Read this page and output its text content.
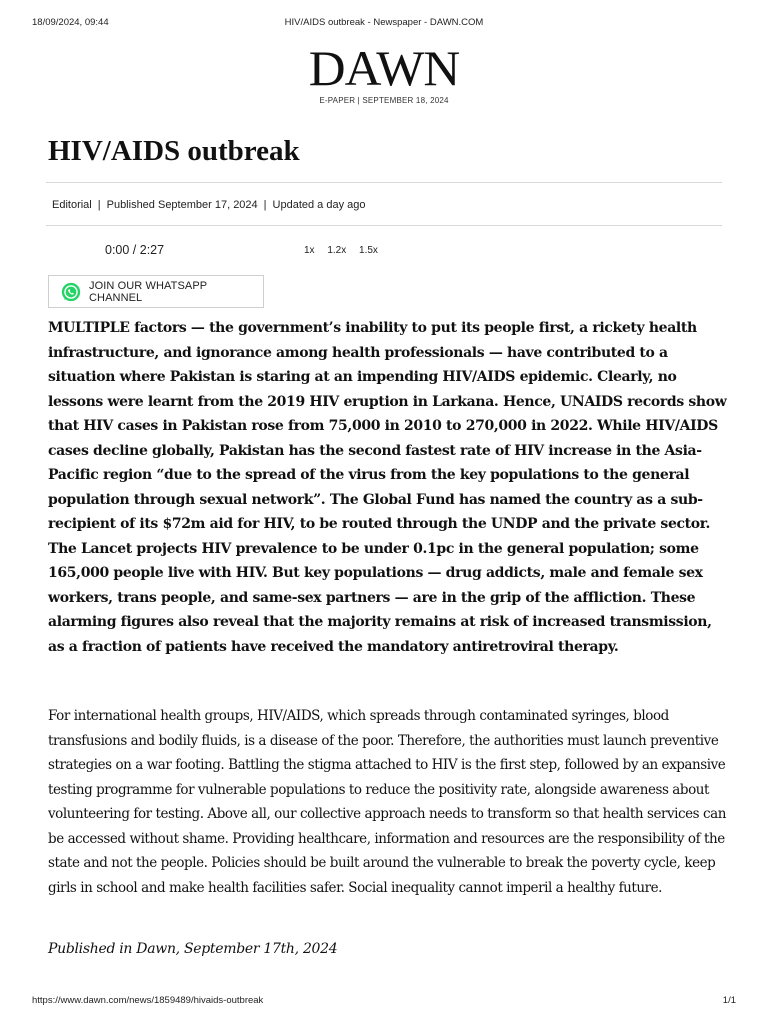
18/09/2024, 09:44	HIV/AIDS outbreak - Newspaper - DAWN.COM
DAWN
E-PAPER | SEPTEMBER 18, 2024
HIV/AIDS outbreak
Editorial | Published September 17, 2024 | Updated a day ago
0:00 / 2:27	1x 1.2x 1.5x
JOIN OUR WHATSAPP CHANNEL

MULTIPLE factors — the government’s inability to put its people first, a rickety health infrastructure, and ignorance among health professionals — have contributed to a situation where Pakistan is staring at an impending HIV/AIDS epidemic. Clearly, no lessons were learnt from the 2019 HIV eruption in Larkana. Hence, UNAIDS records show that HIV cases in Pakistan rose from 75,000 in 2010 to 270,000 in 2022. While HIV/AIDS cases decline globally, Pakistan has the second fastest rate of HIV increase in the Asia-Pacific region “due to the spread of the virus from the key populations to the general population through sexual network”. The Global Fund has named the country as a sub-recipient of its $72m aid for HIV, to be routed through the UNDP and the private sector. The Lancet projects HIV prevalence to be under 0.1pc in the general population; some 165,000 people live with HIV. But key populations — drug addicts, male and female sex workers, trans people, and same-sex partners — are in the grip of the affliction. These alarming figures also reveal that the majority remains at risk of increased transmission, as a fraction of patients have received the mandatory antiretroviral therapy.

For international health groups, HIV/AIDS, which spreads through contaminated syringes, blood transfusions and bodily fluids, is a disease of the poor. Therefore, the authorities must launch preventive strategies on a war footing. Battling the stigma attached to HIV is the first step, followed by an expansive testing programme for vulnerable populations to reduce the positivity rate, alongside awareness about volunteering for testing. Above all, our collective approach needs to transform so that health services can be accessed without shame. Providing healthcare, information and resources are the responsibility of the state and not the people. Policies should be built around the vulnerable to break the poverty cycle, keep girls in school and make health facilities safer. Social inequality cannot imperil a healthy future.

Published in Dawn, September 17th, 2024

https://www.dawn.com/news/1859489/hivaids-outbreak	1/1
